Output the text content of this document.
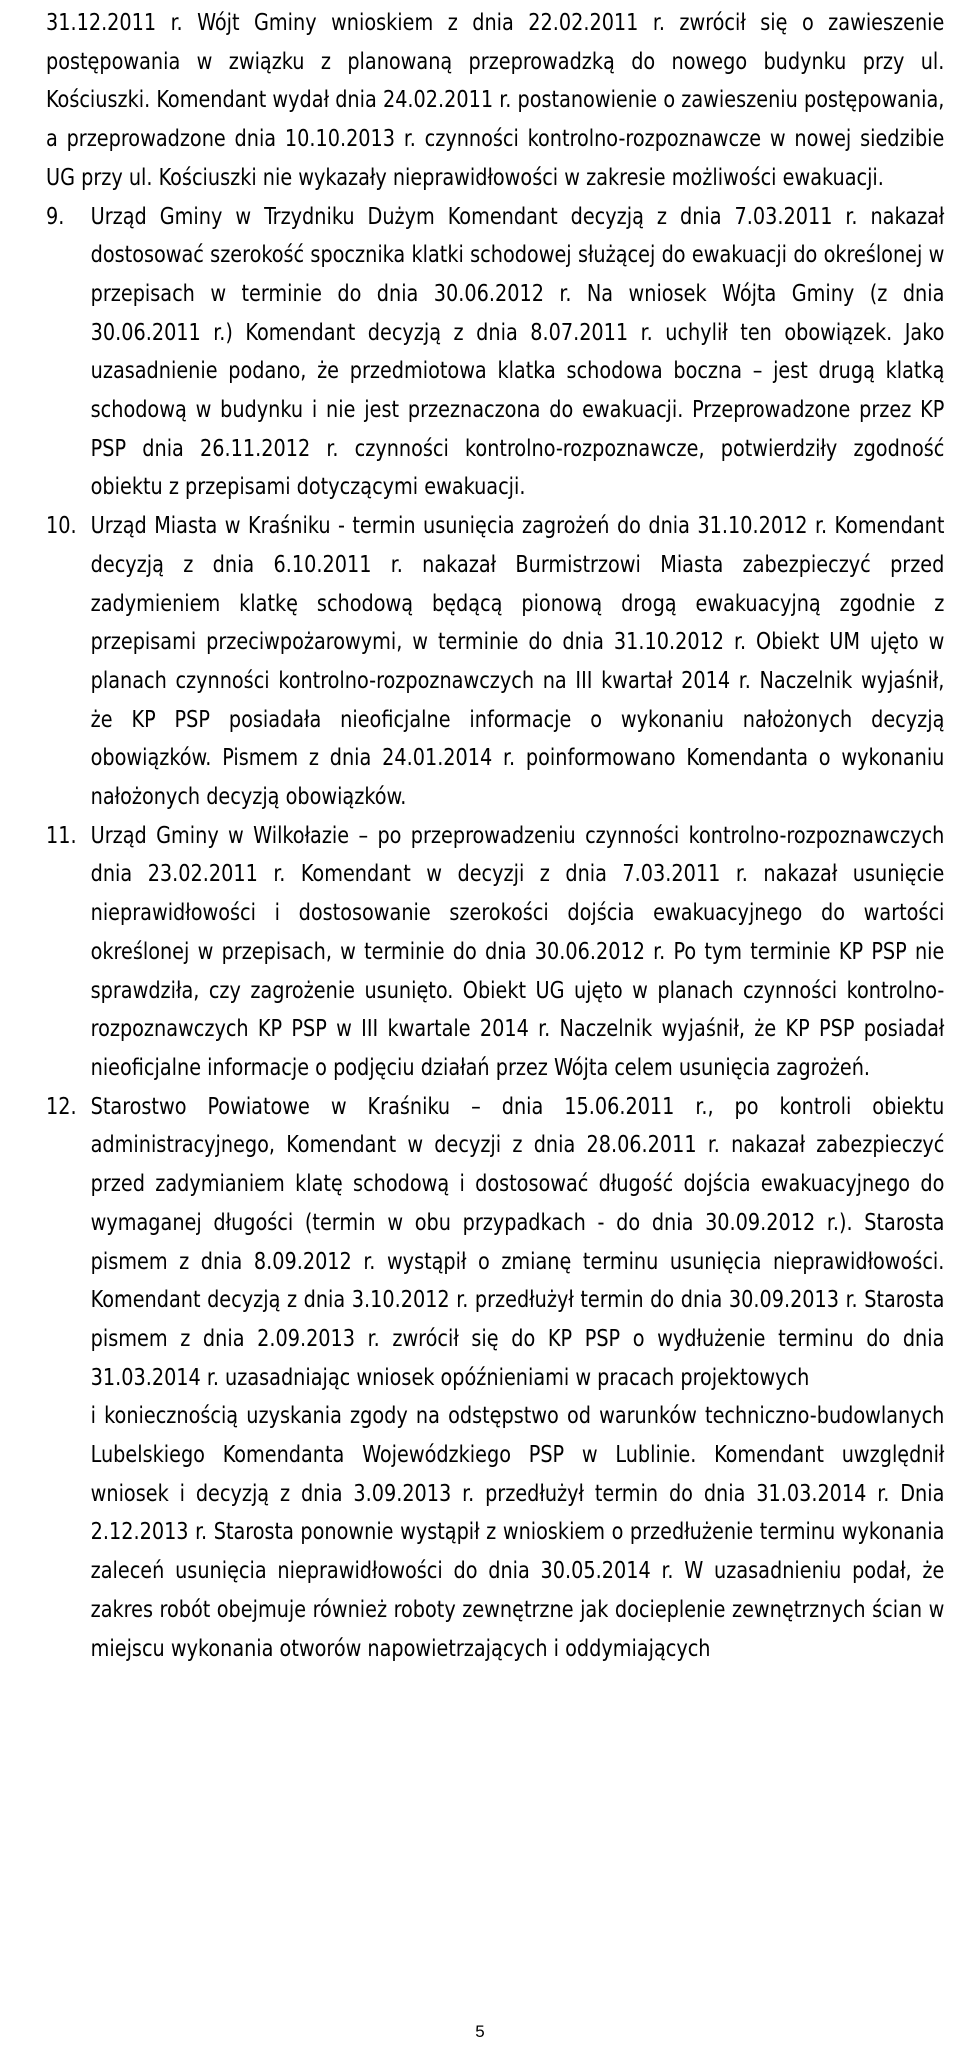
31.12.2011 r. Wójt Gminy wnioskiem z dnia 22.02.2011 r. zwrócił się o zawieszenie postępowania w związku z planowaną przeprowadzką do nowego budynku przy ul. Kościuszki. Komendant wydał dnia 24.02.2011 r. postanowienie o zawieszeniu postępowania, a przeprowadzone dnia 10.10.2013 r. czynności kontrolno-rozpoznawcze w nowej siedzibie UG przy ul. Kościuszki nie wykazały nieprawidłowości w zakresie możliwości ewakuacji.

9. Urząd Gminy w Trzydniku Dużym Komendant decyzją z dnia 7.03.2011 r. nakazał dostosować szerokość spocznika klatki schodowej służącej do ewakuacji do określonej w przepisach w terminie do dnia 30.06.2012 r. Na wniosek Wójta Gminy (z dnia 30.06.2011 r.) Komendant decyzją z dnia 8.07.2011 r. uchylił ten obowiązek. Jako uzasadnienie podano, że przedmiotowa klatka schodowa boczna – jest drugą klatką schodową w budynku i nie jest przeznaczona do ewakuacji. Przeprowadzone przez KP PSP dnia 26.11.2012 r. czynności kontrolno-rozpoznawcze, potwierdziły zgodność obiektu z przepisami dotyczącymi ewakuacji.
10. Urząd Miasta w Kraśniku - termin usunięcia zagrożeń do dnia 31.10.2012 r. Komendant decyzją z dnia 6.10.2011 r. nakazał Burmistrzowi Miasta zabezpieczyć przed zadymieniem klatkę schodową będącą pionową drogą ewakuacyjną zgodnie z przepisami przeciwpożarowymi, w terminie do dnia 31.10.2012 r. Obiekt UM ujęto w planach czynności kontrolno-rozpoznawczych na III kwartał 2014 r. Naczelnik wyjaśnił, że KP PSP posiadała nieoficjalne informacje o wykonaniu nałożonych decyzją obowiązków. Pismem z dnia 24.01.2014 r. poinformowano Komendanta o wykonaniu nałożonych decyzją obowiązków.
11. Urząd Gminy w Wilkołazie – po przeprowadzeniu czynności kontrolno-rozpoznawczych dnia 23.02.2011 r. Komendant w decyzji z dnia 7.03.2011 r. nakazał usunięcie nieprawidłowości i dostosowanie szerokości dojścia ewakuacyjnego do wartości określonej w przepisach, w terminie do dnia 30.06.2012 r. Po tym terminie KP PSP nie sprawdziła, czy zagrożenie usunięto. Obiekt UG ujęto w planach czynności kontrolno-rozpoznawczych KP PSP w III kwartale 2014 r. Naczelnik wyjaśnił, że KP PSP posiadał nieoficjalne informacje o podjęciu działań przez Wójta celem usunięcia zagrożeń.
12. Starostwo Powiatowe w Kraśniku – dnia 15.06.2011 r., po kontroli obiektu administracyjnego, Komendant w decyzji z dnia 28.06.2011 r. nakazał zabezpieczyć przed zadymianiem klatę schodową i dostosować długość dojścia ewakuacyjnego do wymaganej długości (termin w obu przypadkach - do dnia 30.09.2012 r.). Starosta pismem z dnia 8.09.2012 r. wystąpił o zmianę terminu usunięcia nieprawidłowości. Komendant decyzją z dnia 3.10.2012 r. przedłużył termin do dnia 30.09.2013 r. Starosta pismem z dnia 2.09.2013 r. zwrócił się do KP PSP o wydłużenie terminu do dnia 31.03.2014 r. uzasadniając wniosek opóźnieniami w pracach projektowych
i koniecznością uzyskania zgody na odstępstwo od warunków techniczno-budowlanych Lubelskiego Komendanta Wojewódzkiego PSP w Lublinie. Komendant uwzględnił wniosek i decyzją z dnia 3.09.2013 r. przedłużył termin do dnia 31.03.2014 r. Dnia 2.12.2013 r. Starosta ponownie wystąpił z wnioskiem o przedłużenie terminu wykonania zaleceń usunięcia nieprawidłowości do dnia 30.05.2014 r. W uzasadnieniu podał, że zakres robót obejmuje również roboty zewnętrzne jak docieplenie zewnętrznych ścian w miejscu wykonania otworów napowietrzających i oddymiających
5
